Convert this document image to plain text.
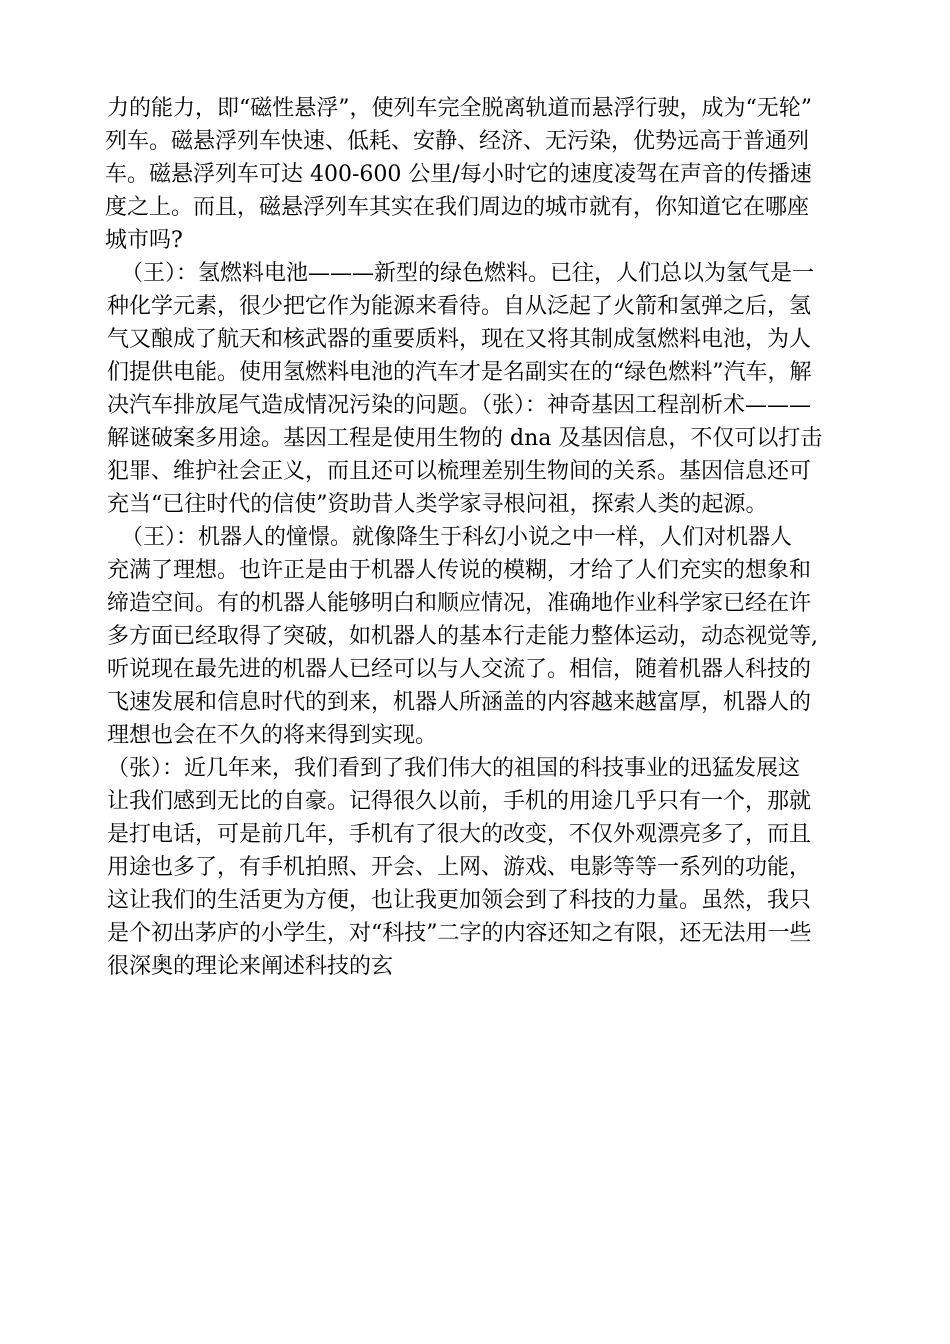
力的能力，即“磁性悬浮”，使列车完全脱离轨道而悬浮行驶，成为“无轮”
列车。磁悬浮列车快速、低耗、安静、经济、无污染，优势远高于普通列
车。磁悬浮列车可达 400-600 公里/每小时它的速度凌驾在声音的传播速
度之上。而且，磁悬浮列车其实在我们周边的城市就有，你知道它在哪座
城市吗?
（王）：氢燃料电池———新型的绿色燃料。已往，人们总以为氢气是一
种化学元素，很少把它作为能源来看待。自从泛起了火箭和氢弹之后，氢
气又酿成了航天和核武器的重要质料，现在又将其制成氢燃料电池，为人
们提供电能。使用氢燃料电池的汽车才是名副实在的“绿色燃料”汽车，解
决汽车排放尾气造成情况污染的问题。（张）：神奇基因工程剖析术———
解谜破案多用途。基因工程是使用生物的 dna 及基因信息，不仅可以打击
犯罪、维护社会正义，而且还可以梳理差别生物间的关系。基因信息还可
充当“已往时代的信使”资助昔人类学家寻根问祖，探索人类的起源。
（王）：机器人的憧憬。就像降生于科幻小说之中一样，人们对机器人
充满了理想。也许正是由于机器人传说的模糊，才给了人们充实的想象和
缔造空间。有的机器人能够明白和顺应情况，准确地作业科学家已经在许
多方面已经取得了突破，如机器人的基本行走能力整体运动，动态视觉等,
听说现在最先进的机器人已经可以与人交流了。相信，随着机器人科技的
飞速发展和信息时代的到来，机器人所涵盖的内容越来越富厚，机器人的
理想也会在不久的将来得到实现。
（张）：近几年来，我们看到了我们伟大的祖国的科技事业的迅猛发展这
让我们感到无比的自豪。记得很久以前，手机的用途几乎只有一个，那就
是打电话，可是前几年，手机有了很大的改变，不仅外观漂亮多了，而且
用途也多了，有手机拍照、开会、上网、游戏、电影等等一系列的功能，
这让我们的生活更为方便，也让我更加领会到了科技的力量。虽然，我只
是个初出茅庐的小学生，对“科技”二字的内容还知之有限，还无法用一些
很深奥的理论来阐述科技的玄
